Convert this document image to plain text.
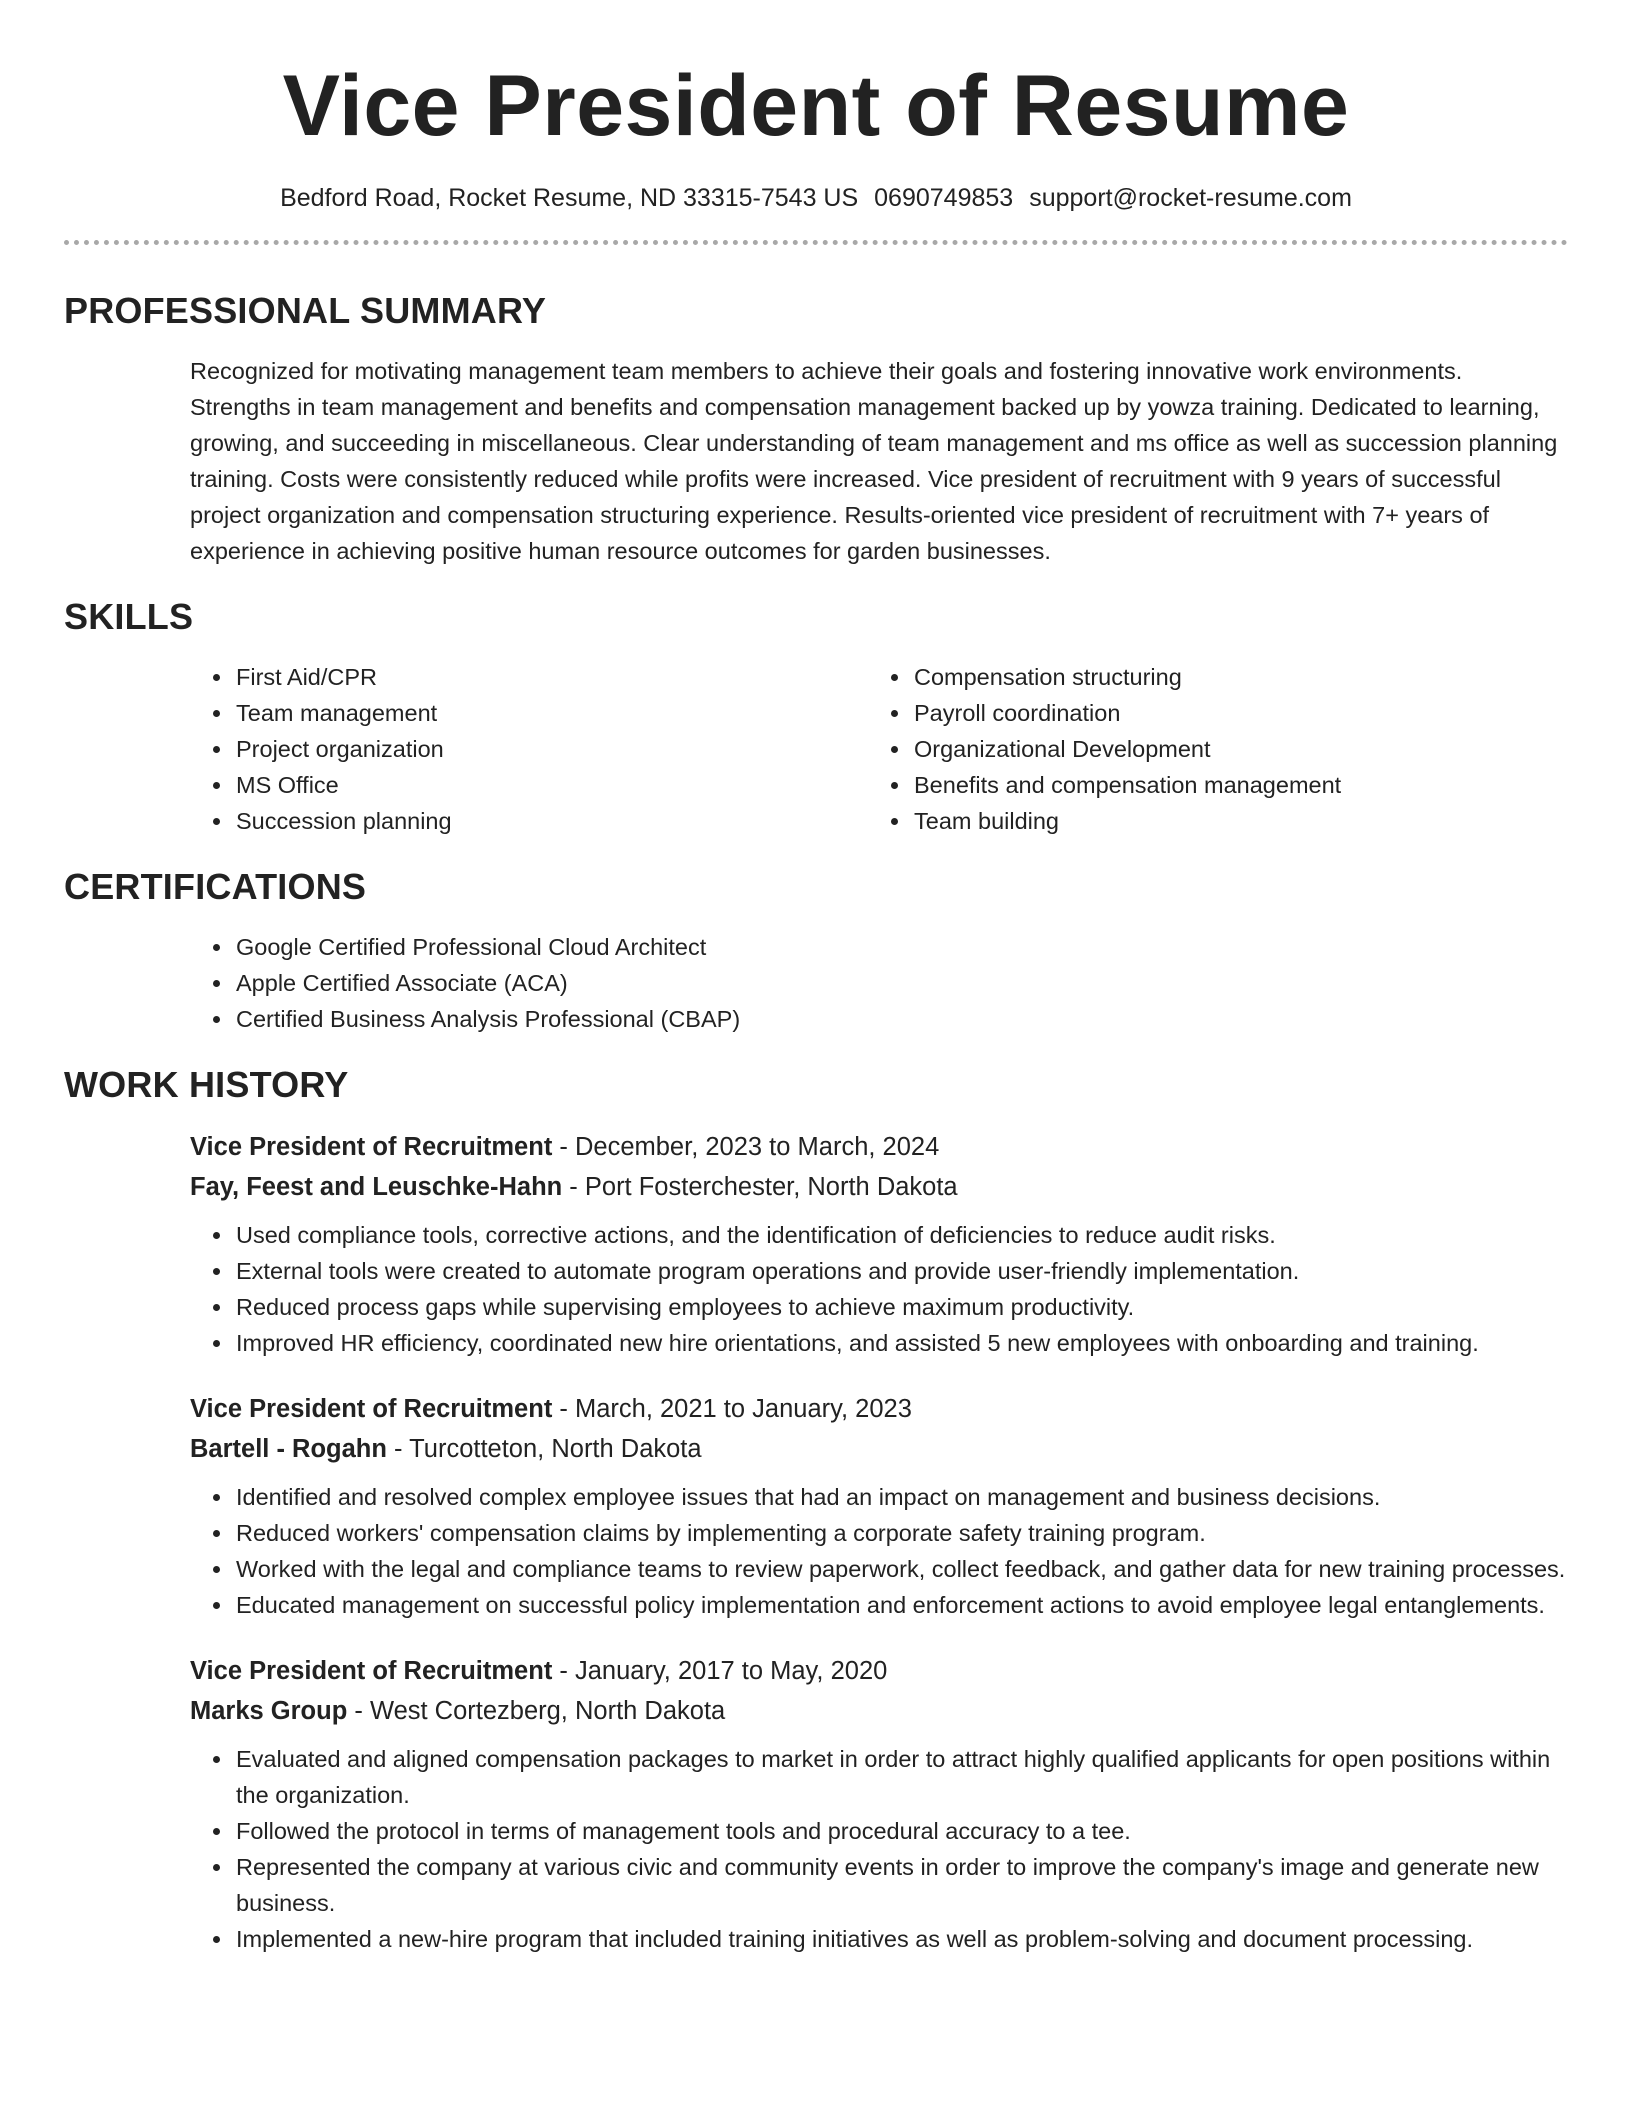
Vice President of Resume
Bedford Road, Rocket Resume, ND 33315-7543 US 0690749853 support@rocket-resume.com
PROFESSIONAL SUMMARY

Recognized for motivating management team members to achieve their goals and fostering innovative work environments. Strengths in team management and benefits and compensation management backed up by yowza training. Dedicated to learning, growing, and succeeding in miscellaneous. Clear understanding of team management and ms office as well as succession planning training. Costs were consistently reduced while profits were increased. Vice president of recruitment with 9 years of successful project organization and compensation structuring experience. Results-oriented vice president of recruitment with 7+ years of experience in achieving positive human resource outcomes for garden businesses.

SKILLS
• First Aid/CPR
• Team management
• Project organization
• MS Office
• Succession planning
• Compensation structuring
• Payroll coordination
• Organizational Development
• Benefits and compensation management
• Team building
CERTIFICATIONS
• Google Certified Professional Cloud Architect
• Apple Certified Associate (ACA)
• Certified Business Analysis Professional (CBAP)
WORK HISTORY
Vice President of Recruitment - December, 2023 to March, 2024
Fay, Feest and Leuschke-Hahn - Port Fosterchester, North Dakota
• Used compliance tools, corrective actions, and the identification of deficiencies to reduce audit risks.
• External tools were created to automate program operations and provide user-friendly implementation.
• Reduced process gaps while supervising employees to achieve maximum productivity.
• Improved HR efficiency, coordinated new hire orientations, and assisted 5 new employees with onboarding and training.
Vice President of Recruitment - March, 2021 to January, 2023
Bartell - Rogahn - Turcotteton, North Dakota
• Identified and resolved complex employee issues that had an impact on management and business decisions.
• Reduced workers' compensation claims by implementing a corporate safety training program.
• Worked with the legal and compliance teams to review paperwork, collect feedback, and gather data for new training processes.
• Educated management on successful policy implementation and enforcement actions to avoid employee legal entanglements.
Vice President of Recruitment - January, 2017 to May, 2020
Marks Group - West Cortezberg, North Dakota
• Evaluated and aligned compensation packages to market in order to attract highly qualified applicants for open positions within the organization.
• Followed the protocol in terms of management tools and procedural accuracy to a tee.
• Represented the company at various civic and community events in order to improve the company's image and generate new business.
• Implemented a new-hire program that included training initiatives as well as problem-solving and document processing.
